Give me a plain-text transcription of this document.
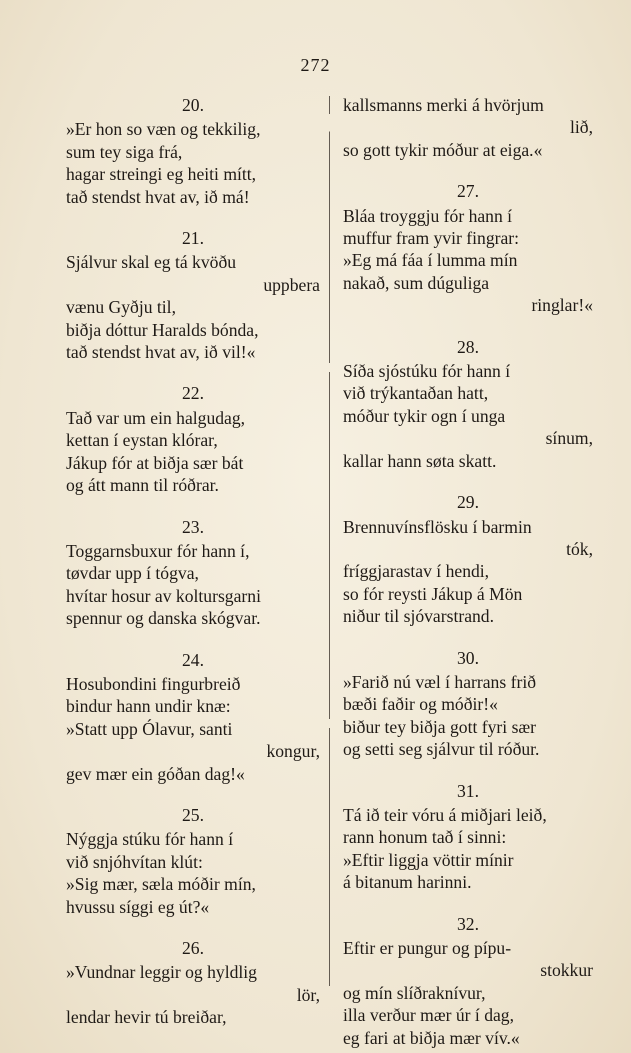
272
20.
»Er hon so væn og tekkilig,
sum tey siga frá,
hagar streingi eg heiti mítt,
tað stendst hvat av, ið má!
21.
Sjálvur skal eg tá kvöðu
uppbera
vænu Gyðju til,
biðja dóttur Haralds bónda,
tað stendst hvat av, ið vil!«
22.
Tað var um ein halgudag,
kettan í eystan klórar,
Jákup fór at biðja sær bát
og átt mann til róðrar.
23.
Toggarnsbuxur fór hann í,
tøvdar upp í tógva,
hvítar hosur av koltursgarni
spennur og danska skógvar.
24.
Hosubondini fingurbreið
bindur hann undir knæ:
»Statt upp Ólavur, santi
kongur,
gev mær ein góðan dag!«
25.
Nýggja stúku fór hann í
við snjóhvítan klút:
»Sig mær, sæla móðir mín,
hvussu síggi eg út?«
26.
»Vundnar leggir og hyldlig
lör,
lendar hevir tú breiðar,
kallsmanns merki á hvörjum
lið,
so gott tykir móður at eiga.«
27.
Bláa troyggju fór hann í
muffur fram yvir fingrar:
»Eg má fáa í lumma mín
nakað, sum dúguliga
ringlar!«
28.
Síða sjóstúku fór hann í
við trýkantaðan hatt,
móður tykir ogn í unga
sínum,
kallar hann søta skatt.
29.
Brennuvínsflösku í barmin
tók,
fríggjarastav í hendi,
so fór reysti Jákup á Mön
niður til sjóvarstrand.
30.
»Farið nú væl í harrans frið
bæði faðir og móðir!«
biður tey biðja gott fyri sær
og setti seg sjálvur til róður.
31.
Tá ið teir vóru á miðjari leið,
rann honum tað í sinni:
»Eftir liggja vöttir mínir
á bitanum harinni.
32.
Eftir er pungur og pípu-
stokkur
og mín slíðraknívur,
illa verður mær úr í dag,
eg fari at biðja mær vív.«
